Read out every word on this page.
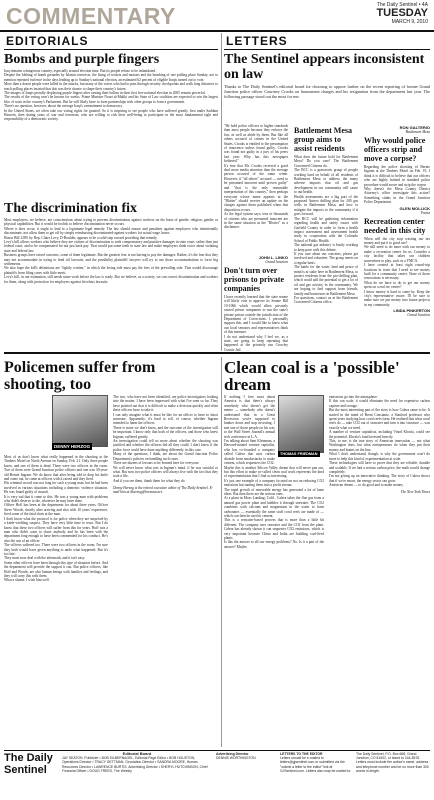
COMMENTARY	The Daily Sentinel • 4A
TUESDAY
MARCH 9, 2010
EDITORIALS
Bombs and purple fingers
Iraq remains a dangerous country, especially around election time. But its people refuse to be intimidated.
Despite the lobbing of bomb grenades by Islamic terrorists, the firing of rockets and mortars and the bombing of one polling place Sunday, not to mention repeated violence in the days leading up to Sunday's national election, an estimated 62 percent of eligible Iraqis turned out to vote.
More than a dozen people were killed in the attacks, but many of the voters who had to pass through security checkpoints and walk long distances to reach polling places insisted that this was their chance to shape their country's future.
The images of Iraqis proudly displaying purple fingers after casting their ballots in their first free national election in 2005 remain powerful.
The results of the voting won't be known for weeks. Prime Minister Nouri al-Maliki and his State of Law coalition are expected to win the largest bloc of seats in the country's Parliament. But he will likely have to form partnerships with other groups to form a government.
There's no question, however, about the average Iraqi's commitment to democracy.
In the United States, we often take our voting rights for granted. So it is inspiring to see people who have suffered greatly, first under Saddam Hussein, then during years of war and terrorism, who are willing to risk their well-being to participate in the most fundamental right and responsibility of a democratic society.
The discrimination fix
Most employers, we believe, are conscientious about trying to prevent discrimination against workers on the basis of gender, religion, gender or physical capabilities. But it would be foolish to believe discrimination never occurs.
Where it does occur, it ought to lead to a legitimate legal remedy. The law should ensure and penalizes against employers who intentionally discriminate, not allow them to get off by simply reimbursing discriminated-against workers for actual wage losses.
House Bill 1289, by Rep. Claire Levy, D-Boulder, appears to be a solid step toward providing that remedy.
Levy's bill allows workers who believe they are victims of discrimination to seek compensatory and punitive damages in state court, rather than just federal court, and to be compensated for not just back pay. That would put some teeth in state law and make employers think twice about violating state and federal law.
Business groups have raised concerns, some of them legitimate. But the greatest fear is not having to pay the damages. Rather, it's the fear that they may not accommodate in trying to fend off lawsuits, and the possibility plaintiffs' lawyers will try to use those accommodations to force big settlements.
We also hope the bill's definitions are "tightly written," in which the losing side must pay the fees of the prevailing side. That would discourage plaintiffs from filing cases with little merit.
Levy's bill, in our estimation, still needs some work before the law is ready. But we believe, as a society, we can correct discrimination and workers for them, along with protection for employers against frivolous lawsuits.
LETTERS
The Sentinel appears inconsistent on law
Thanks to The Daily Sentinel's editorial board for choosing to oppose further on the recent reporting of former Grand Junction police officer Courtney Crooks on harassment charges and his resignation from the department last year. The following passage stood out the most for me:
"He hold police officers to higher standards than most people because they enforce the law, as well as abide by them. But like all others accused of crimes in the United States, Crooks is entitled to the presumption of innocence unless found guilty. Crooks was found not guilty in a jury of his peers last year. Why has this newspaper bothered."
It's true that Mr. Crooks received a good deal more media attention than the average person accused of the same crime. However, if "all others" accused — need to be presumed innocent until proven guilty" and "that is the only reasonable interpretation of this country," then perhaps everyone whose name appears in the "Blotter" should receive an update on the charges against them published when that disposition occurs.
As the legal system says, tens of thousands of citizens who are presumed innocent are in the same situation as the "Blotter" as a disclaimer.
JOHN L. LINKO
Grand Junction
Don't turn over prisons to private companies
I have recently learned that the state senate will likely vote to approve its Senate Bill 10-1066 which would allow privately owned prison companies to run the state's private prison outside the jurisdiction of the Department of Corrections. I personally support this, and I would like to know what our local senators and representatives think of this measure.
I do not understand why I feel we, as a state, are going to keep repeating that happened at the privately run Crowley County Jail.

Battlement Mesa group aims to assist residents
What does the future hold for Battlement Mesa? Do you care? The Battlement Concerned Citizens do.
The BCC is a grassroots group of people working hard on behalf of all residents of Battlement Mesa to address the many adverse impacts that oil and gas development in our community will cause to our health.
Health assessments are a big part of the proposed Antero drilling plan for 200 gas wells in Battlement Mesa, and how to mitigate the impacts to the community if it goes forward.
The BCC will be gathering information regarding health and safety issues with Garfield County in order to form a health impact assessment and assessment health study in cooperation with the Colorado School of Public Health.
The national gas industry is busily working to keep pace with this debate.
If you care about our concerns, please get involved and volunteer. The group meets on a regular basis.
The battle for the water, land and peace of mind is at stake here in Battlement Mesa, to protect residents from the pro-drilling plan, which could add the potential to get a lot of oil and gas activity in the community. We are hoping to find support from friends, family and businesses in Battlement Mesa.
For questions, contact us at the Battlement Concerned Citizens office.
RON GALTERIO
Battlement Mesa
Why would police officers strip and move a corpse?
Regarding the police shooting of Bernie Ingram at the Timbers Motel on Feb. 19, I think it is difficult to believe that our officers who are highly trained in standard police procedure would move and strip the corpse.
Why doesn't the Mesa County District Attorney's office investigate this action? Something stinks in the Grand Junction Police Department.
GLEN MOLLICK
Fruita
Recreation center needed in this city
When will the city stop wasting our tax money and put it to good use?
We still need to do more with our money to make a recreation center for us. Consider a city facility that takes our children somewhere to play, such as a YMCA.
I have created at least eight round-trip locations in town that I need to see money built for a community center. None of those renovations is necessary.
What do we have to do to get our money spent on a real rec center?
I know money is hard to come by. Keep the city's representative aware. I'll be sure to make sure we put money into future projects in my community.
LINDA PINKERTON
Grand Junction
Policemen suffer from shooting, too
DENNY HERZOG
Most of us don't know what really happened in the shooting at the Timbers Motel on North Avenue on Sunday, Feb. 21. Only three people know, and one of them is dead. There were two officers in the room. Two of them were Grand Junction police officers and one was 30-year-old Bernie Ingram. We do know that after being told to drop his knife and come out, he came at officers with it raised and they fired.
His criminal record was not long for such a young man, but he had been involved in various situations including a domestic violence situation. He was found guilty of assault.
It is very sad that it came to this. He was a young man with problems who didn't deserve to die, whatever he may have done.
Officer Hoff has been at the department for about three years. Officer Steve Woods, shortly after arriving and also with 10 years' experience, fired some of the fatal shots at the man.
I don't know what the protocol is for police when they are surprised by a knife-wielding suspect. They have very little time to react. But I do know that these two officers will suffer from this for years. Hoff was a man who didn't want to shoot anybody and he has been with the department long enough to have been commended for his conduct. He's also the son of an officer.
The officers suffered too. There were two officers in the room. I'm sure they both would have given anything to undo what happened. But it's too late.
They must now deal with the aftermath, and it isn't easy.
Some other officers have been through this type of situation before. And the department will provide the support it can. But police officers, like Hoff and Woods, are also human beings with families and feelings, and they will carry this with them.
What a shame. I wish him well.
The two, who have not been identified, are police investigators looking into the matter. I have been impressed with what I've seen so far. They have pointed out that it is difficult to make a decision quickly and often these officers have to take it.
I can only imagine what it must be like for an officer to have to shoot someone. Apparently, it's hard to tell, of course, whether Ingram intended to harm the officers.
There is more we don't know, and the outcome of the investigation will be important. I know only that both of the officers, and those who knew Ingram, suffered greatly.
An investigation could tell us more about whether the shooting was justified and whether the officers did all they could. I don't know if the police force could have done anything differently in this case.
Many of the questions, I think, are about the Grand Junction Police Department's policies on handling such cases.
There are dozens of lessons to be learned here for everyone.
We will never know what was in Ingram's mind, if he was suicidal or what. But now two police officers will always live with the fact that they took a life.
And if you see them, thank them for what they do.
Denny Herzog is the retired executive editor of The Daily Sentinel. E-mail him at dherzog@bresnan.net.
Clean coal is a 'possible' dream
THOMAS FRIEDMAN
If nothing I love most about America is that there's always somebody who doesn't get the memo — somebody who doesn't understand that in a Great Recession you're supposed to hunker down and stop investing. I met one of those people on his way to the Wall Street Journal's annual tech conference in L.A.
I'm talking about Sam Kleinman, a Harvard-trained venture capitalist, who has co-founded a company called Calera that uses carbon dioxide from smokestacks to make cement, which sequesters the CO2.
Maybe this is another Silicon Valley dream that will never pan out, but this effort to make so-called clean coal work represents the kind of experimentation that I find so interesting.
It's just one example of a company focused on not on reducing CO2 emissions but turning them into a profit stream.
The rapid growth of renewable energy has generated a lot of lame ideas. But then there are the serious ones.
At a plant in Moss Landing, Calif., Calera takes the flue gas from a natural gas power plant and bubbles it through seawater. The CO2 combines with calcium and magnesium in the water to form carbonates — essentially the same stuff coral reefs are made of — which can then be used in cement.
This is a seawater-based process that is more than a little bit different. The company uses seawater and the CO2 from the plant. Calera has already shown it can sequester CO2 emissions, which is very important because China and India are building coal-fired plants.
Is this the answer to all our energy problems? No. Is it a part of the answer? Maybe.
emissions go into the atmosphere.
If this can scale, it would eliminate the need for expensive carbon capture and storage.
But the most interesting part of the story is how Calera came to be. It started in the mind of Brent Constantz, a Stanford professor who spent years studying how coral reefs form. He realized that what coral reefs do — take CO2 out of seawater and turn it into structure — was exactly what we need.
A number of venture capitalists, including Vinod Khosla, could see the potential. Khosla's fund invested heavily.
This, to me, is the true story of American innovation — not what Washington does, but what entrepreneurs do when they put their money and brains on the line.
What I don't understand, though, is why the government won't do more to help this kind of experimentation at scale.
These technologies still have to prove that they are reliable, durable and scalable. If we had a serious carbon price, the math would change completely.
I'm not giving up on innovative thinking. The story of Calera shows that if we're smart, the energy sector can grow.
American dream — to do good and to make money.
The New York Times
The Daily Sentinel
Editorial Board
JAY SEATON, Publisher • BOB SILBERNAGEL, Editorial Page Editor • BOB HOUSTON, Operations Director • TRACY GETTMAN, Circulation Director • SANDRA MOORE, Human Resources Director • LAWRENCE BURTIS, Advertising Director • SHERYL HUTCHINSON, Chief Financial Officer • DOUG FREED, The Weekly
Advertising Director
DENNIS WORTHINGTON
LETTERS TO THE EDITOR
Letters should be e-mailed to letters@gjsentinel.com or submitted via the "submit a letter to the editor" link at GJSentinel.com. Letters also may be mailed to:
The Daily Sentinel, P.O. Box 668, Grand Junction, CO 81502, or faxed to 244-8578. Letters must include the author's name, address and telephone number and be no more than 300 words in length.
